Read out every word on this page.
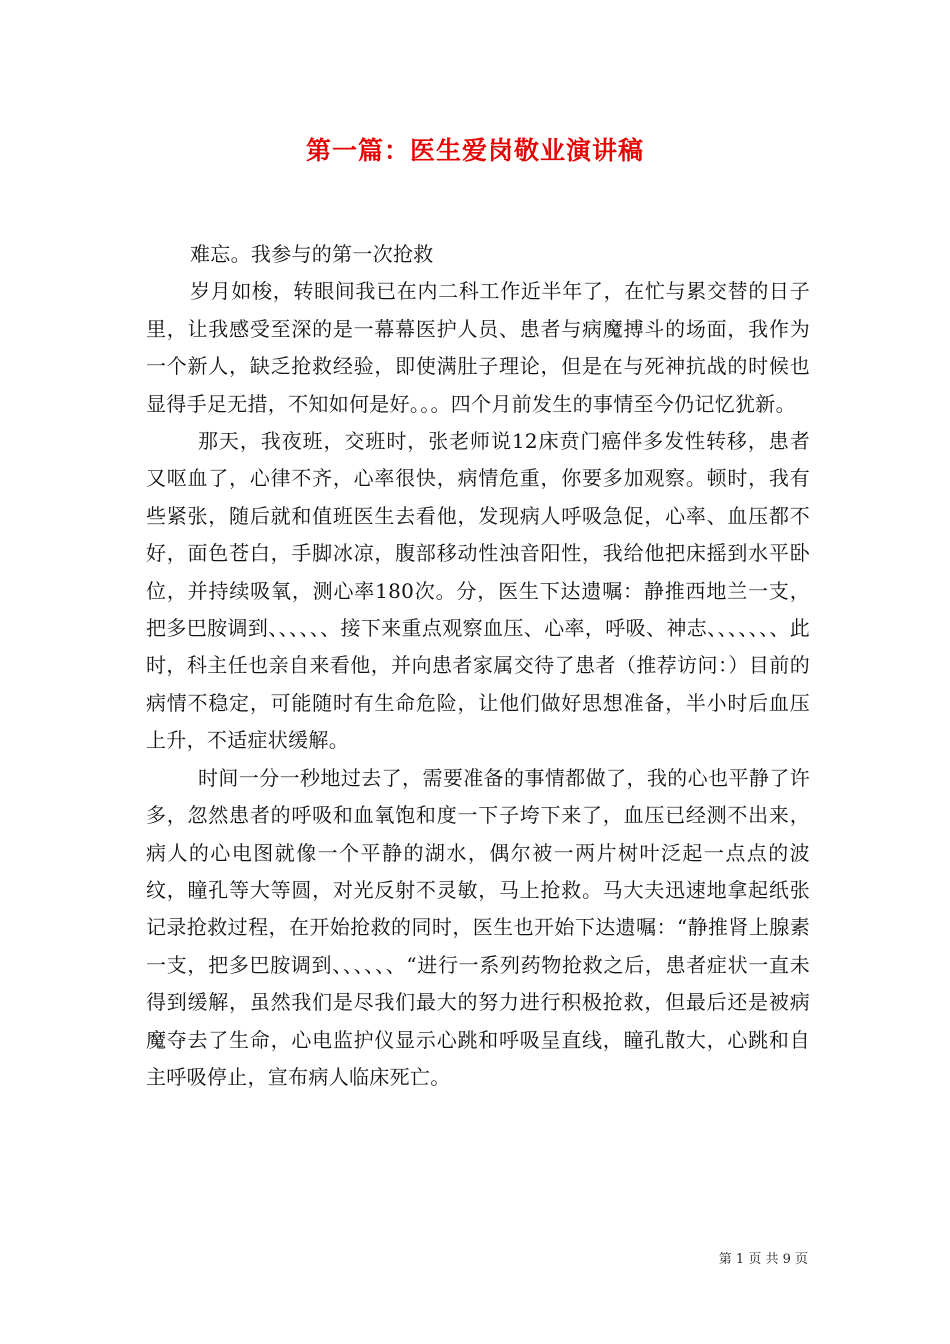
第一篇：医生爱岗敬业演讲稿

难忘。我参与的第一次抢救

岁月如梭，转眼间我已在内二科工作近半年了，在忙与累交替的日子里，让我感受至深的是一幕幕医护人员、患者与病魔搏斗的场面，我作为一个新人，缺乏抢救经验，即使满肚子理论，但是在与死神抗战的时候也显得手足无措，不知如何是好。。。四个月前发生的事情至今仍记忆犹新。

那天，我夜班，交班时，张老师说12床贲门癌伴多发性转移，患者又呕血了，心律不齐，心率很快，病情危重，你要多加观察。顿时，我有些紧张，随后就和值班医生去看他，发现病人呼吸急促，心率、血压都不好，面色苍白，手脚冰凉，腹部移动性浊音阳性，我给他把床摇到水平卧位，并持续吸氧，测心率180次。分，医生下达遗嘱：静推西地兰一支，把多巴胺调到、、、、、、接下来重点观察血压、心率，呼吸、神志、、、、、、、此时，科主任也亲自来看他，并向患者家属交待了患者（推荐访问：）目前的病情不稳定，可能随时有生命危险，让他们做好思想准备，半小时后血压上升，不适症状缓解。

时间一分一秒地过去了，需要准备的事情都做了，我的心也平静了许多，忽然患者的呼吸和血氧饱和度一下子垮下来了，血压已经测不出来，病人的心电图就像一个平静的湖水，偶尔被一两片树叶泛起一点点的波纹，瞳孔等大等圆，对光反射不灵敏，马上抢救。马大夫迅速地拿起纸张记录抢救过程，在开始抢救的同时，医生也开始下达遗嘱：“静推肾上腺素一支，把多巴胺调到、、、、、、“进行一系列药物抢救之后，患者症状一直未得到缓解，虽然我们是尽我们最大的努力进行积极抢救，但最后还是被病魔夺去了生命，心电监护仪显示心跳和呼吸呈直线，瞳孔散大，心跳和自主呼吸停止，宣布病人临床死亡。

第 1 页 共 9 页
